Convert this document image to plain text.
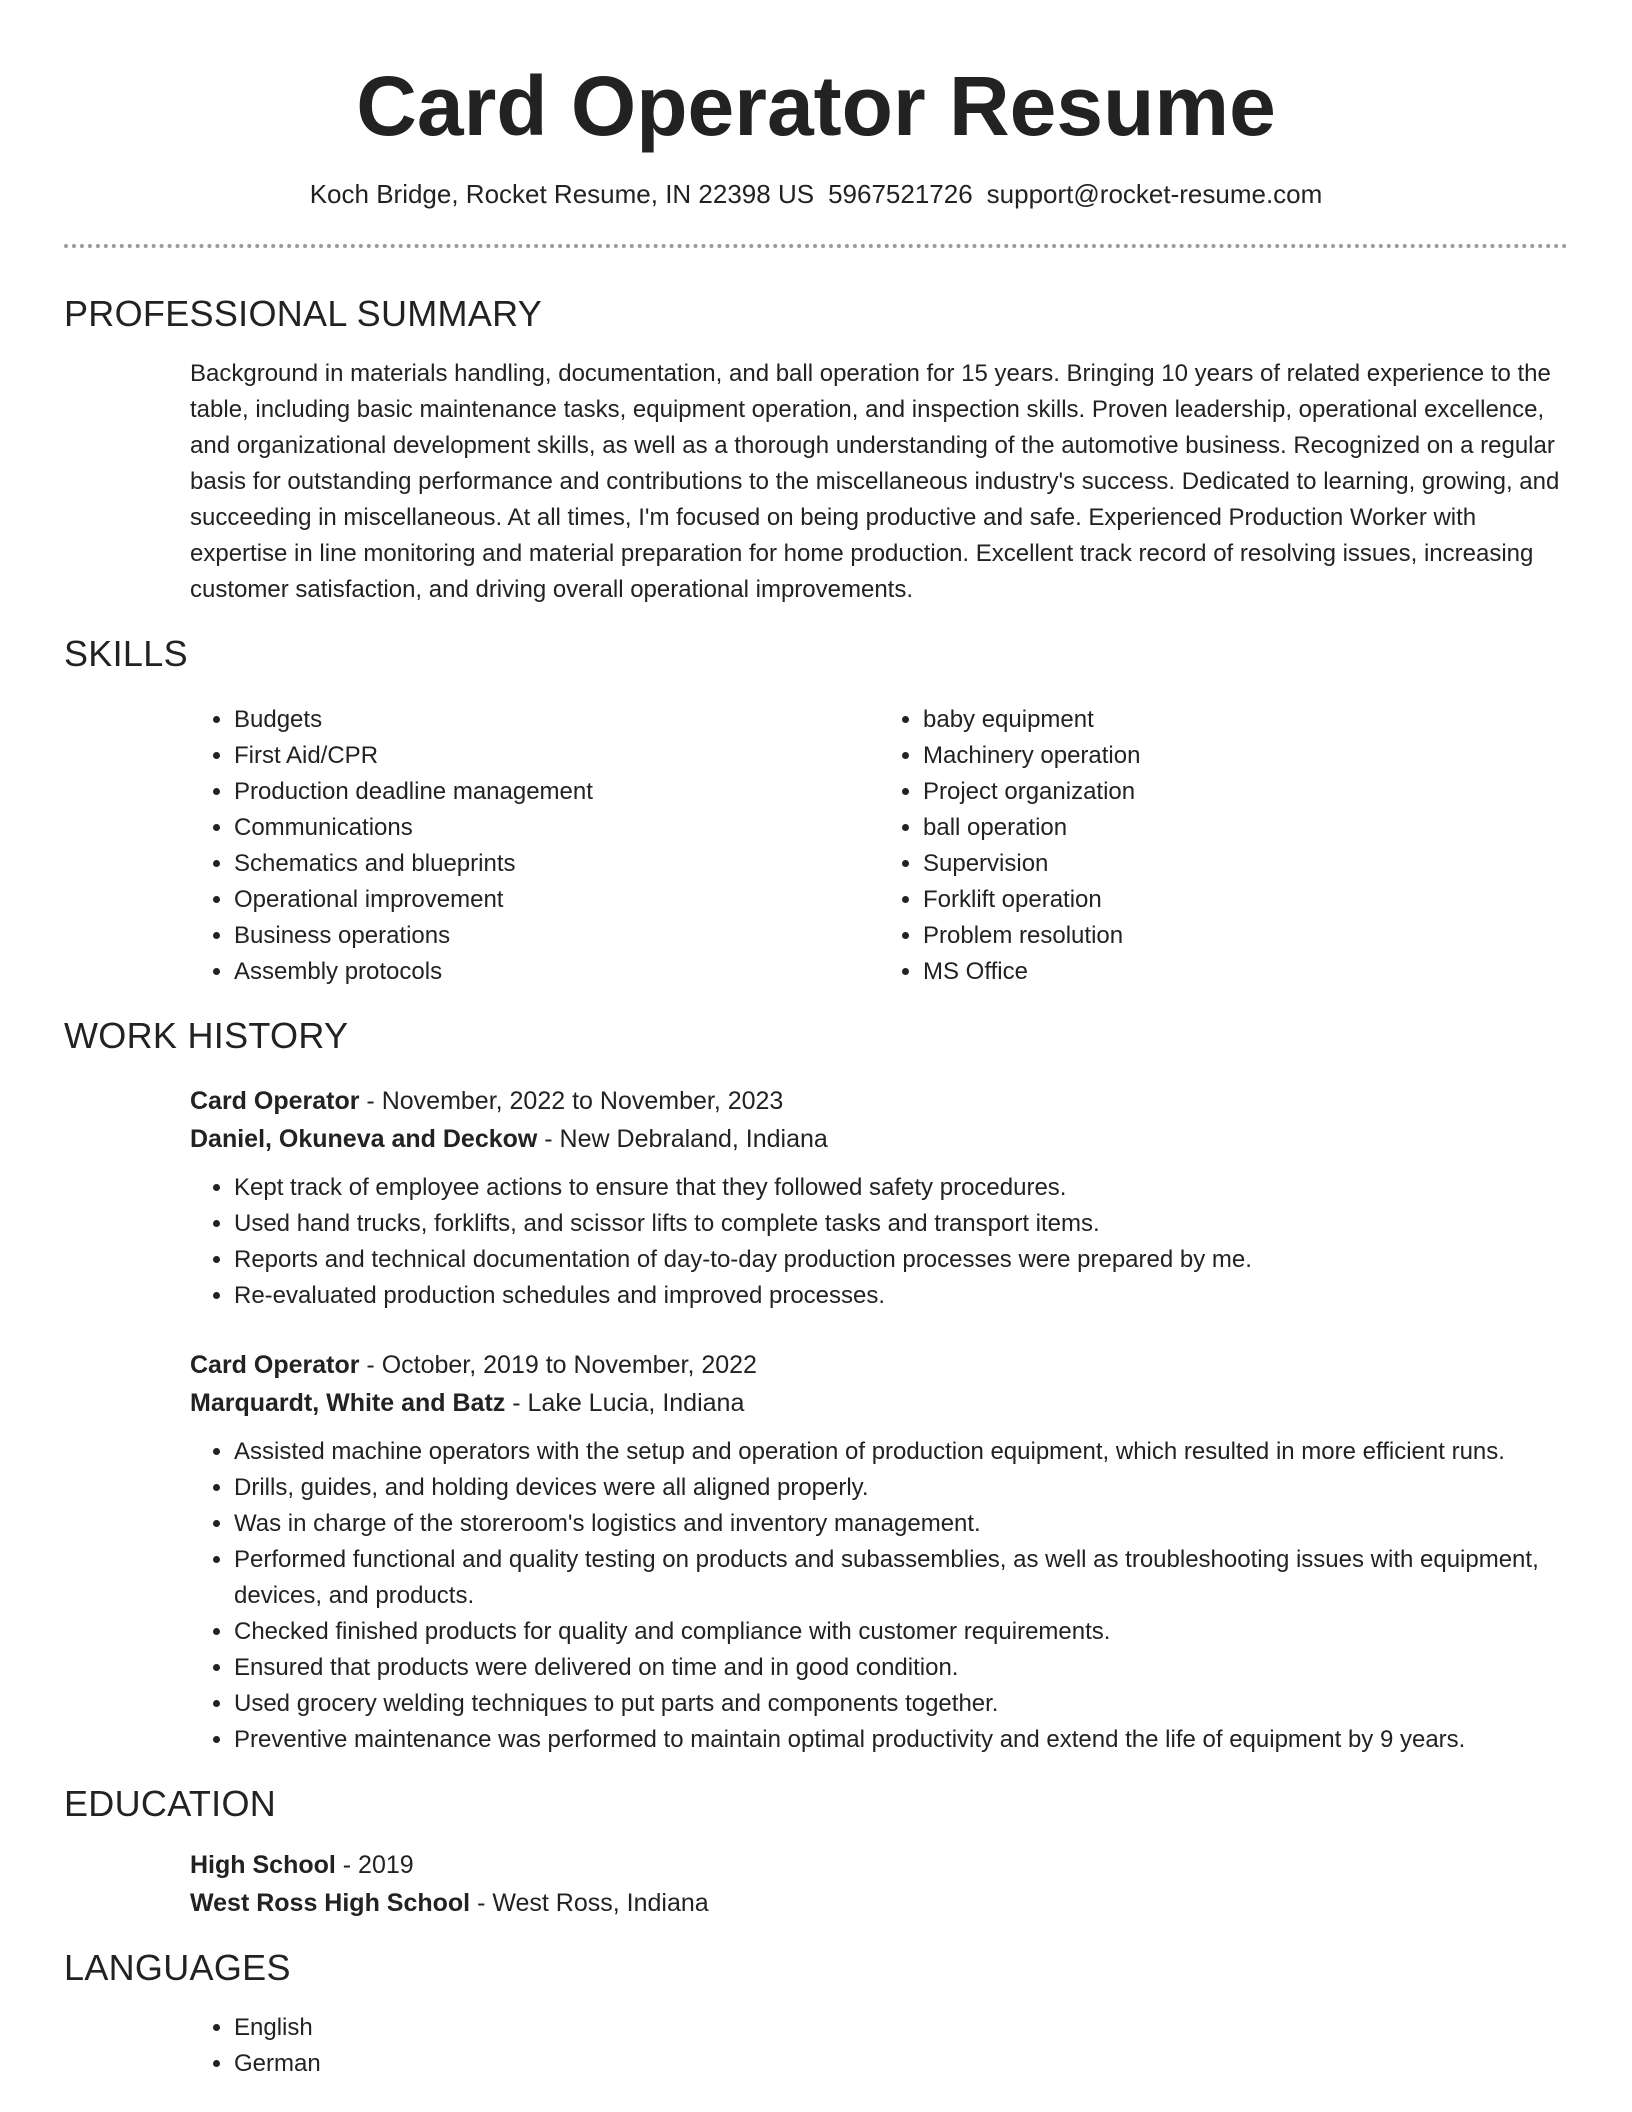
Card Operator Resume
Koch Bridge, Rocket Resume, IN 22398 US 5967521726 support@rocket-resume.com
PROFESSIONAL SUMMARY
Background in materials handling, documentation, and ball operation for 15 years. Bringing 10 years of related experience to the table, including basic maintenance tasks, equipment operation, and inspection skills. Proven leadership, operational excellence, and organizational development skills, as well as a thorough understanding of the automotive business. Recognized on a regular basis for outstanding performance and contributions to the miscellaneous industry's success. Dedicated to learning, growing, and succeeding in miscellaneous. At all times, I'm focused on being productive and safe. Experienced Production Worker with expertise in line monitoring and material preparation for home production. Excellent track record of resolving issues, increasing customer satisfaction, and driving overall operational improvements.
SKILLS
• Budgets
• First Aid/CPR
• Production deadline management
• Communications
• Schematics and blueprints
• Operational improvement
• Business operations
• Assembly protocols
• baby equipment
• Machinery operation
• Project organization
• ball operation
• Supervision
• Forklift operation
• Problem resolution
• MS Office
WORK HISTORY
Card Operator - November, 2022 to November, 2023
Daniel, Okuneva and Deckow - New Debraland, Indiana
• Kept track of employee actions to ensure that they followed safety procedures.
• Used hand trucks, forklifts, and scissor lifts to complete tasks and transport items.
• Reports and technical documentation of day-to-day production processes were prepared by me.
• Re-evaluated production schedules and improved processes.
Card Operator - October, 2019 to November, 2022
Marquardt, White and Batz - Lake Lucia, Indiana
• Assisted machine operators with the setup and operation of production equipment, which resulted in more efficient runs.
• Drills, guides, and holding devices were all aligned properly.
• Was in charge of the storeroom's logistics and inventory management.
• Performed functional and quality testing on products and subassemblies, as well as troubleshooting issues with equipment, devices, and products.
• Checked finished products for quality and compliance with customer requirements.
• Ensured that products were delivered on time and in good condition.
• Used grocery welding techniques to put parts and components together.
• Preventive maintenance was performed to maintain optimal productivity and extend the life of equipment by 9 years.
EDUCATION
High School - 2019
West Ross High School - West Ross, Indiana
LANGUAGES
• English
• German
